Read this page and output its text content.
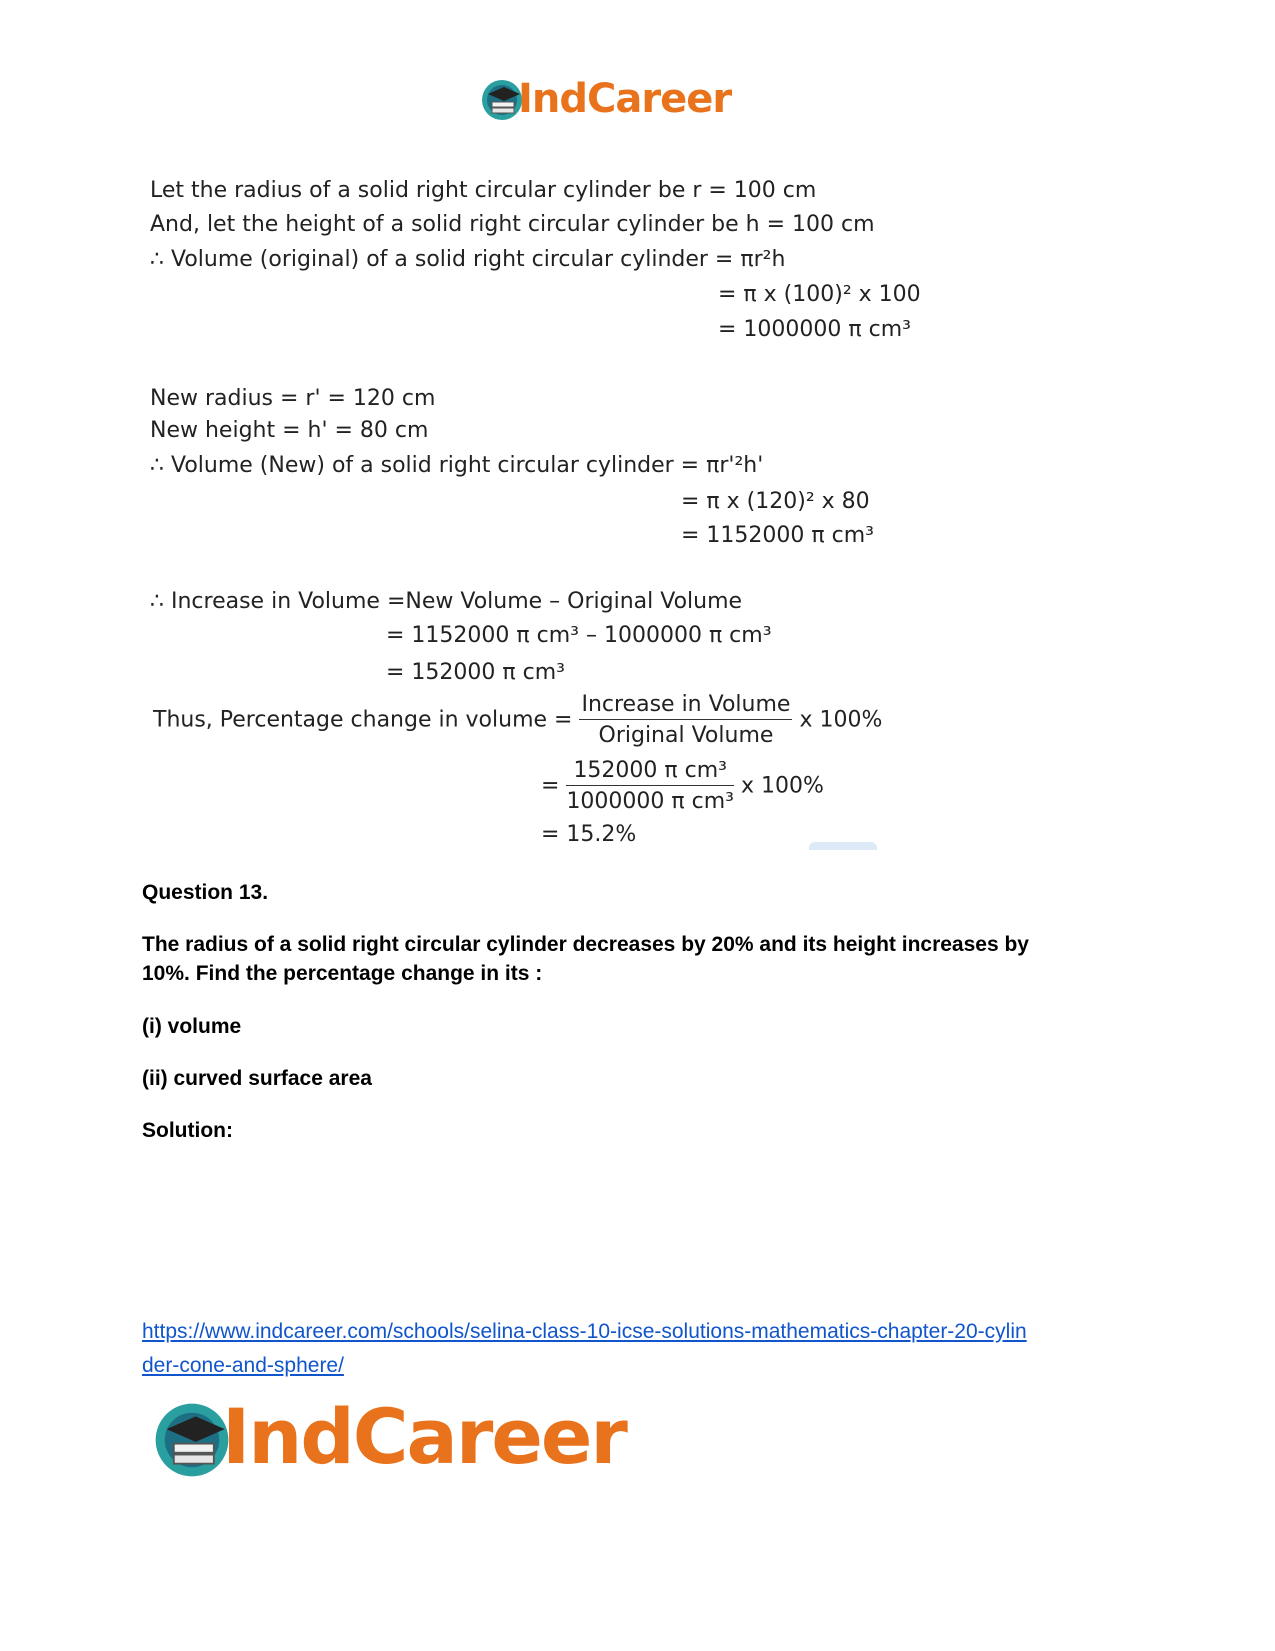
IndCareer
Let the radius of a solid right circular cylinder be r = 100 cm
And, let the height of a solid right circular cylinder be h = 100 cm
∴ Volume (original) of a solid right circular cylinder = πr²h
= π x (100)² x 100
= 1000000 π cm³
New radius = r' = 120 cm
New height = h' = 80 cm
∴ Volume (New) of a solid right circular cylinder = πr'²h'
= π x (120)² x 80
= 1152000 π cm³
∴ Increase in Volume =New Volume – Original Volume
= 1152000 π cm³ – 1000000 π cm³
= 152000 π cm³
Thus, Percentage change in volume = $\frac{\text{Increase in Volume}}{\text{Original Volume}}$ x 100%
= $\frac{\text{152000 π cm³}}{\text{1000000 π cm³}}$ x 100%
= 15.2%
Question 13.
The radius of a solid right circular cylinder decreases by 20% and its height increases by
10%. Find the percentage change in its :
(i) volume
(ii) curved surface area
Solution:
https://www.indcareer.com/schools/selina-class-10-icse-solutions-mathematics-chapter-20-cylin
der-cone-and-sphere/
IndCareer
